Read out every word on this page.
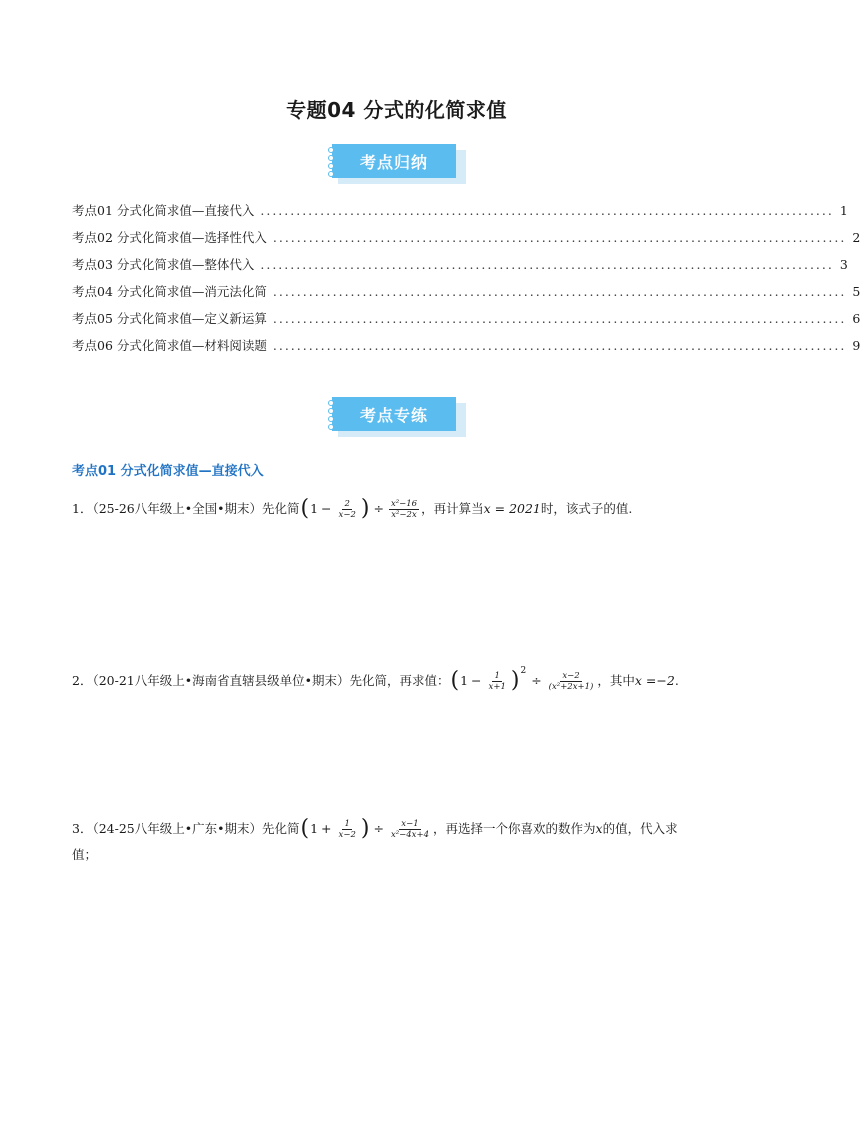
专题04 分式的化简求值
考点归纳
考点01 分式化简求值—直接代入 ................................................................................................ 1
考点02 分式化简求值—选择性代入 ................................................................................................ 2
考点03 分式化简求值—整体代入 ................................................................................................ 3
考点04 分式化简求值—消元法化简 ................................................................................................ 5
考点05 分式化简求值—定义新运算 ................................................................................................ 6
考点06 分式化简求值—材料阅读题 ................................................................................................ 9
考点专练
考点01 分式化简求值—直接代入
1．（25-26八年级上•全国•期末）先化简 ( $1 - \frac{2}{x-2}$ ) ÷ $\frac{\text{x²−16}}{\text{x²−2x}}$ ，再计算当 x = 2021 时，该式子的值.
2．（20-21八年级上•海南省直辖县级单位•期末）先化简，再求值： ( $1 - \frac{1}{x+1}$ ) 2
÷ $\frac{x-2}{\text{(x²+2x+1)}}$ ，其中 x =−2 .
3．（24-25八年级上•广东•期末）先化简 ( $1 + \frac{1}{x-2}$ ) ÷ $\frac{x-1}{\text{x²−4x+4}}$ ，再选择一个你喜欢的数作为 x 的值，代入求
值；
